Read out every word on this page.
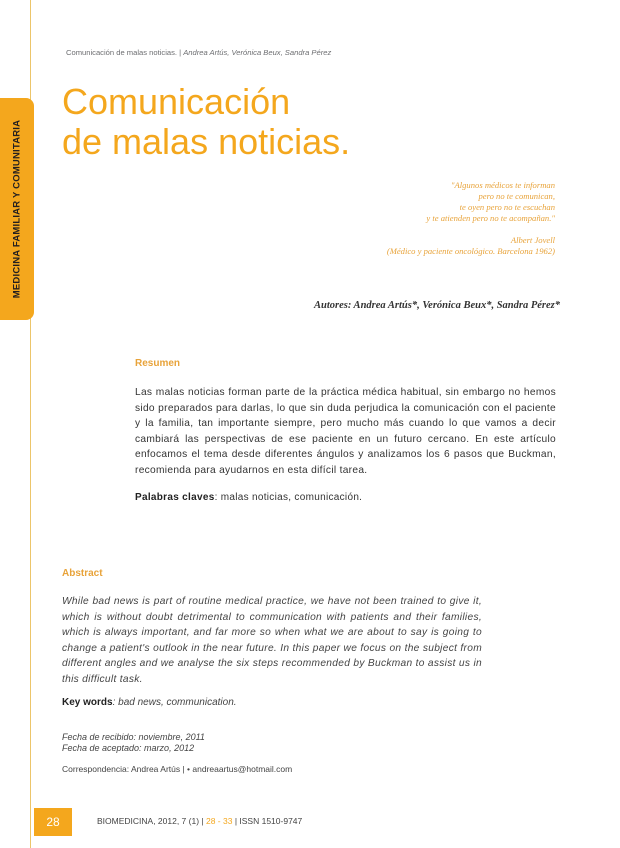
MEDICINA FAMILIAR Y COMUNITARIA
Comunicación de malas noticias. | Andrea Artús, Verónica Beux, Sandra Pérez
Comunicación
de malas noticias.
"Algunos médicos te informan
pero no te comunican,
te oyen pero no te escuchan
y te atienden pero no te acompañan."
Albert Jovell
(Médico y paciente oncológico. Barcelona 1962)
Autores: Andrea Artús*, Verónica Beux*, Sandra Pérez*
Resumen

Las malas noticias forman parte de la práctica médica habitual, sin embargo no hemos sido preparados para darlas, lo que sin duda perjudica la comunicación con el paciente y la familia, tan importante siempre, pero mucho más cuando lo que vamos a decir cambiará las perspectivas de ese paciente en un futuro cercano. En este artículo enfocamos el tema desde diferentes ángulos y analizamos los 6 pasos que Buckman, recomienda para ayudarnos en esta difícil tarea.

Palabras claves: malas noticias, comunicación.
Abstract

While bad news is part of routine medical practice, we have not been trained to give it, which is without doubt detrimental to communication with patients and their families, which is always important, and far more so when what we are about to say is going to change a patient's outlook in the near future. In this paper we focus on the subject from different angles and we analyse the six steps recommended by Buckman to assist us in this difficult task.

Key words: bad news, communication.
Fecha de recibido: noviembre, 2011
Fecha de aceptado: marzo, 2012
Correspondencia: Andrea Artús | • andreaartus@hotmail.com
28	BIOMEDICINA, 2012, 7 (1) | 28 - 33 | ISSN 1510-9747
